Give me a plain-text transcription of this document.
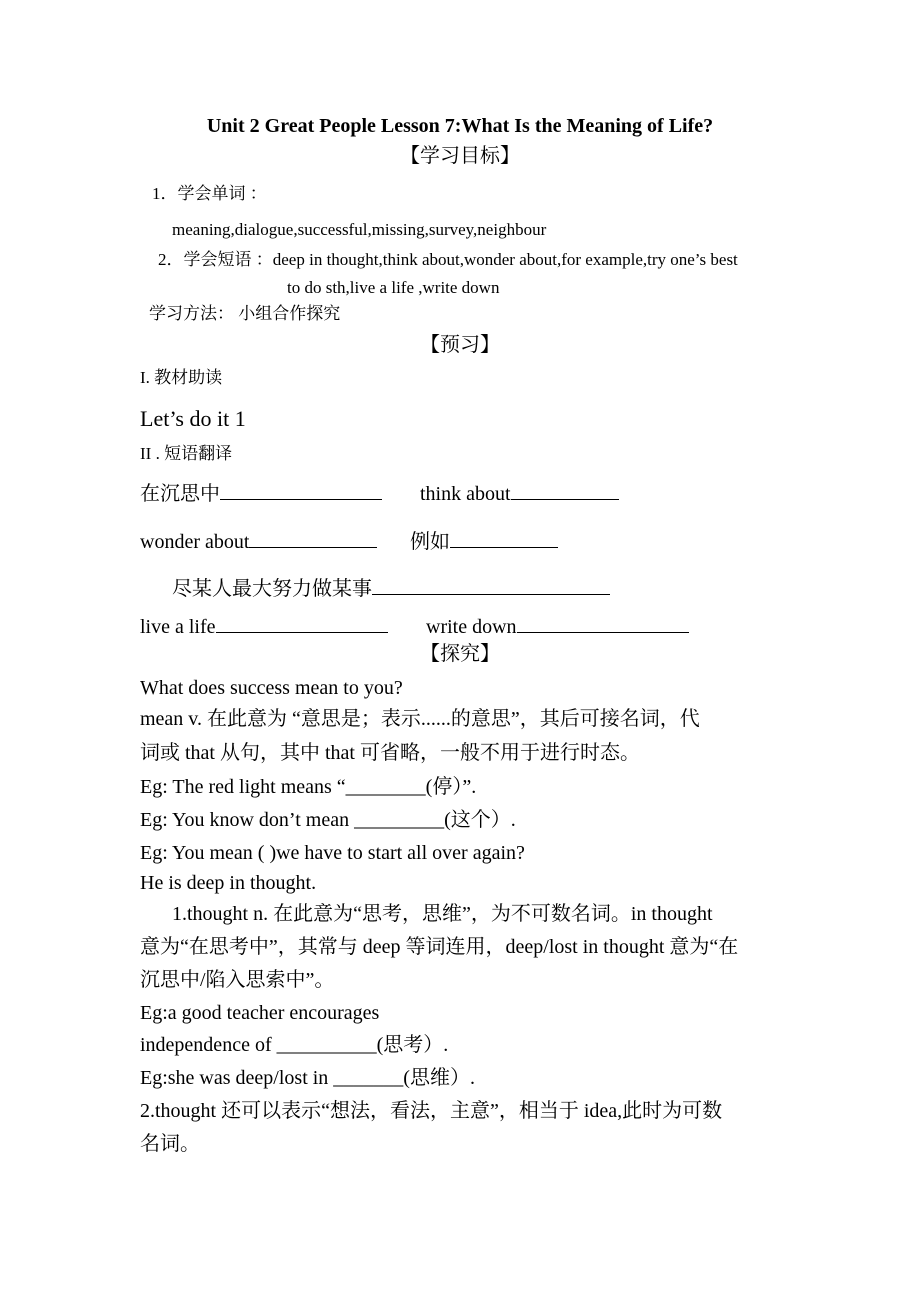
Unit 2 Great People Lesson 7:What Is the Meaning of Life?
【学习目标】
1．学会单词 ：
meaning,dialogue,successful,missing,survey,neighbour
2．学会短语 ：deep in thought,think about,wonder about,for example,try one’s best
to do sth,live a life ,write down
学习方法： 小组合作探究
【预习】
I. 教材助读
Let’s do it 1
II . 短语翻译
在沉思中	think about
wonder about	例如
尽某人最大努力做某事
live a life	write down
【探究】
What does success mean to you?
mean v. 在此意为 “意思是；表示......的意思”，其后可接名词，代
词或 that 从句，其中 that 可省略，一般不用于进行时态。
Eg: The red light means “________(停）”.
Eg: You know don’t mean _________(这个）.
Eg: You mean ( )we have to start all over again?
He is deep in thought.
1.thought n. 在此意为“思考，思维”，为不可数名词。in thought
意为“在思考中”，其常与 deep 等词连用，deep/lost in thought 意为“在
沉思中/陷入思索中”。
Eg:a good teacher encourages
independence of __________(思考）.
Eg:she was deep/lost in _______(思维）.
2.thought 还可以表示“想法，看法，主意”，相当于 idea,此时为可数
名词。
